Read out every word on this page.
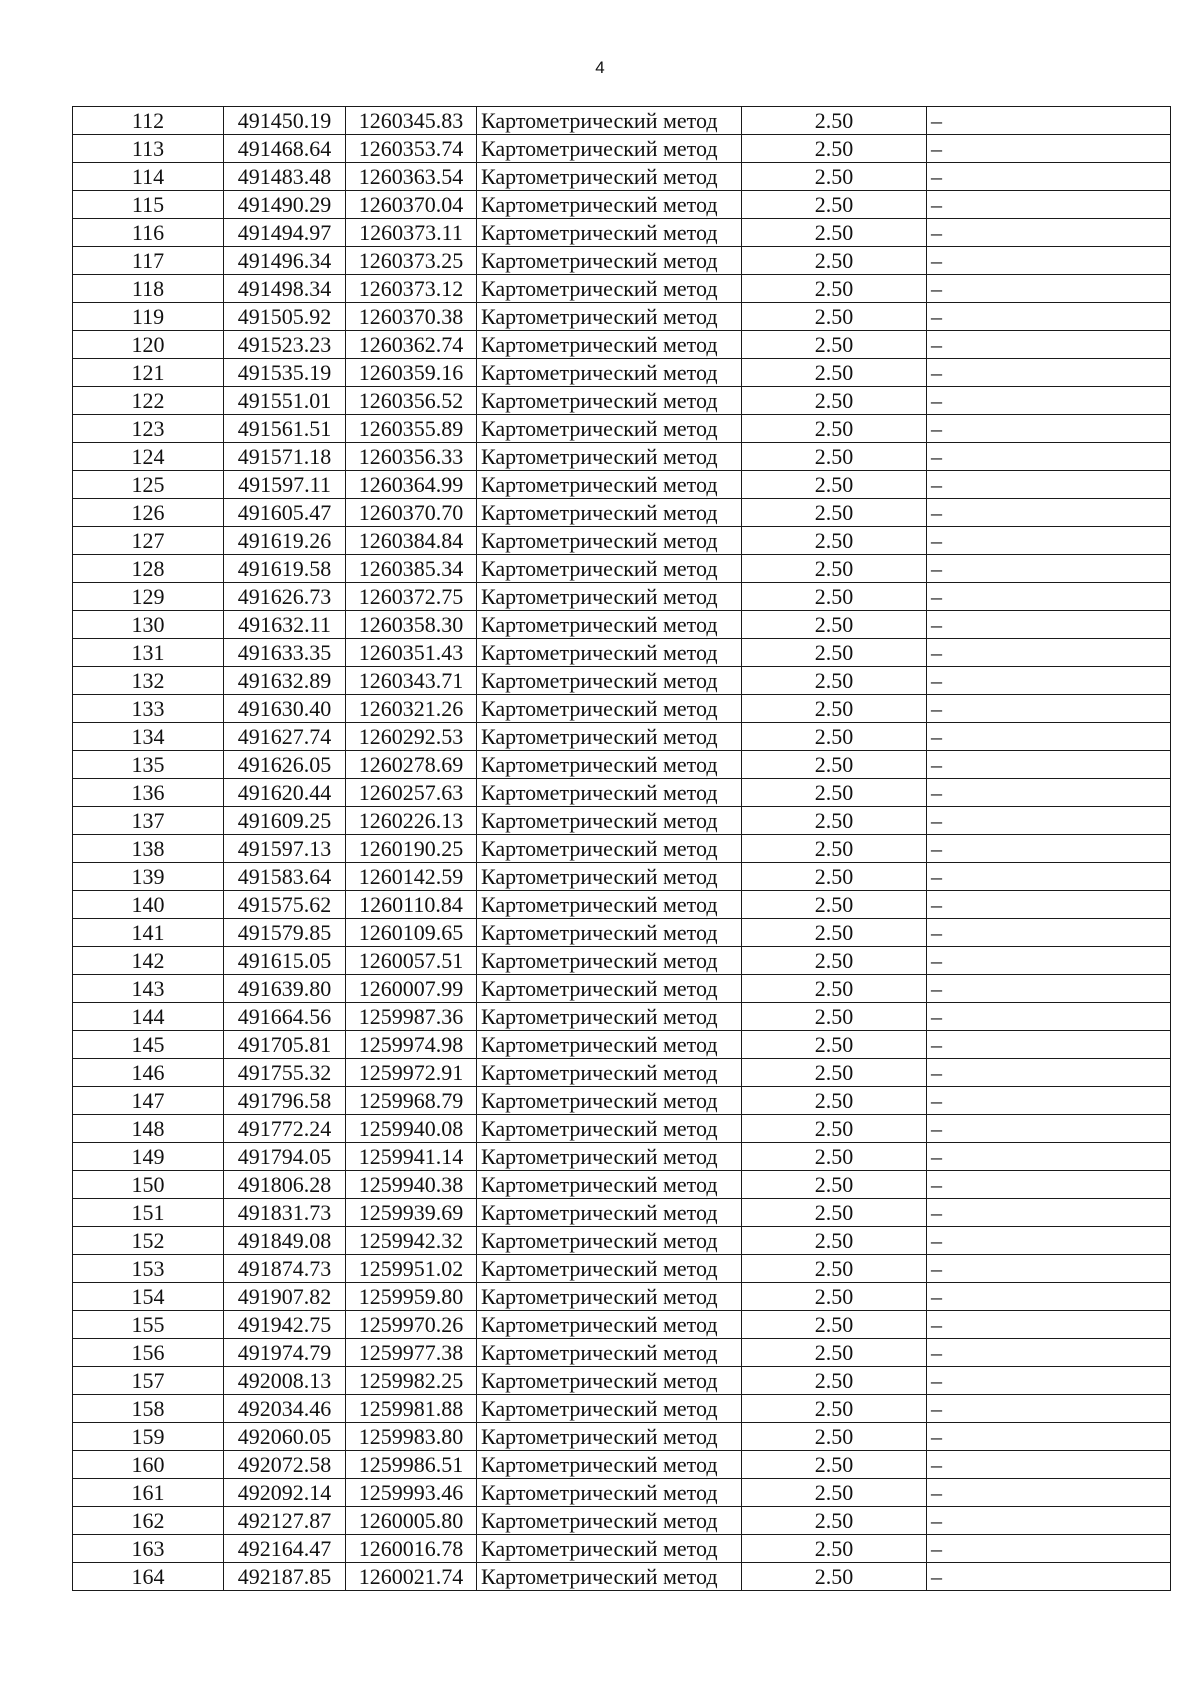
4
112	491450.19	1260345.83	Картометрический метод	2.50	–
113	491468.64	1260353.74	Картометрический метод	2.50	–
114	491483.48	1260363.54	Картометрический метод	2.50	–
115	491490.29	1260370.04	Картометрический метод	2.50	–
116	491494.97	1260373.11	Картометрический метод	2.50	–
117	491496.34	1260373.25	Картометрический метод	2.50	–
118	491498.34	1260373.12	Картометрический метод	2.50	–
119	491505.92	1260370.38	Картометрический метод	2.50	–
120	491523.23	1260362.74	Картометрический метод	2.50	–
121	491535.19	1260359.16	Картометрический метод	2.50	–
122	491551.01	1260356.52	Картометрический метод	2.50	–
123	491561.51	1260355.89	Картометрический метод	2.50	–
124	491571.18	1260356.33	Картометрический метод	2.50	–
125	491597.11	1260364.99	Картометрический метод	2.50	–
126	491605.47	1260370.70	Картометрический метод	2.50	–
127	491619.26	1260384.84	Картометрический метод	2.50	–
128	491619.58	1260385.34	Картометрический метод	2.50	–
129	491626.73	1260372.75	Картометрический метод	2.50	–
130	491632.11	1260358.30	Картометрический метод	2.50	–
131	491633.35	1260351.43	Картометрический метод	2.50	–
132	491632.89	1260343.71	Картометрический метод	2.50	–
133	491630.40	1260321.26	Картометрический метод	2.50	–
134	491627.74	1260292.53	Картометрический метод	2.50	–
135	491626.05	1260278.69	Картометрический метод	2.50	–
136	491620.44	1260257.63	Картометрический метод	2.50	–
137	491609.25	1260226.13	Картометрический метод	2.50	–
138	491597.13	1260190.25	Картометрический метод	2.50	–
139	491583.64	1260142.59	Картометрический метод	2.50	–
140	491575.62	1260110.84	Картометрический метод	2.50	–
141	491579.85	1260109.65	Картометрический метод	2.50	–
142	491615.05	1260057.51	Картометрический метод	2.50	–
143	491639.80	1260007.99	Картометрический метод	2.50	–
144	491664.56	1259987.36	Картометрический метод	2.50	–
145	491705.81	1259974.98	Картометрический метод	2.50	–
146	491755.32	1259972.91	Картометрический метод	2.50	–
147	491796.58	1259968.79	Картометрический метод	2.50	–
148	491772.24	1259940.08	Картометрический метод	2.50	–
149	491794.05	1259941.14	Картометрический метод	2.50	–
150	491806.28	1259940.38	Картометрический метод	2.50	–
151	491831.73	1259939.69	Картометрический метод	2.50	–
152	491849.08	1259942.32	Картометрический метод	2.50	–
153	491874.73	1259951.02	Картометрический метод	2.50	–
154	491907.82	1259959.80	Картометрический метод	2.50	–
155	491942.75	1259970.26	Картометрический метод	2.50	–
156	491974.79	1259977.38	Картометрический метод	2.50	–
157	492008.13	1259982.25	Картометрический метод	2.50	–
158	492034.46	1259981.88	Картометрический метод	2.50	–
159	492060.05	1259983.80	Картометрический метод	2.50	–
160	492072.58	1259986.51	Картометрический метод	2.50	–
161	492092.14	1259993.46	Картометрический метод	2.50	–
162	492127.87	1260005.80	Картометрический метод	2.50	–
163	492164.47	1260016.78	Картометрический метод	2.50	–
164	492187.85	1260021.74	Картометрический метод	2.50	–
